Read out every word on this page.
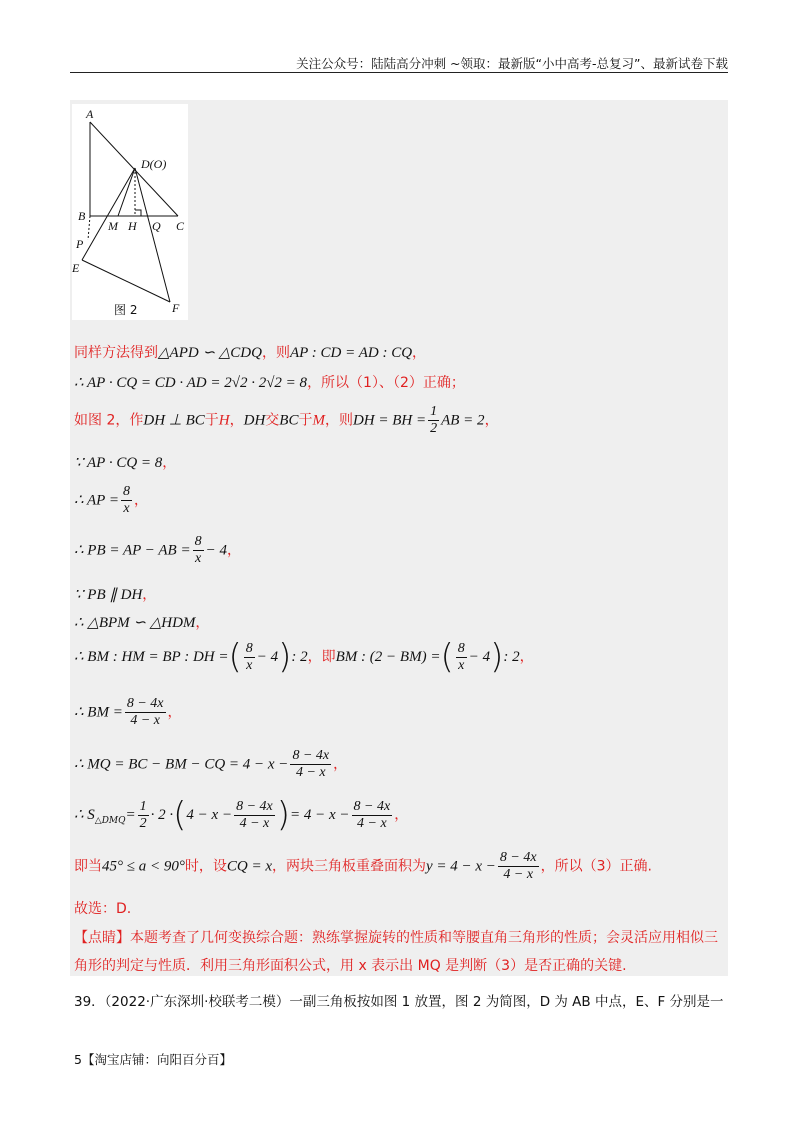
关注公众号：陆陆高分冲刺 ~领取：最新版“小中高考-总复习”、最新试卷下载
A
D(O)
B
M H Q C
P
E
F
图 2
同样方法得到△APD ∽ △CDQ，则AP : CD = AD : CQ，
∴ AP · CQ = CD · AD = 2√2 · 2√2 = 8，所以（1）、（2）正确；
如图 2，作DH ⊥ BC于H，DH交BC于M，则DH = BH = $\frac{1}{2}$ AB = 2，
∵ AP · CQ = 8，
∴ AP = $\frac{8}{x}$ ，
∴ PB = AP − AB = $\frac{8}{x} - 4$，
∵ PB ∥ DH，
∴ △BPM ∽ △HDM，
∴ BM : HM = BP : DH =( $\frac{8}{x} - 4$): 2，即BM : (2 − BM) =( $\frac{8}{x} - 4$): 2，
∴ BM = $\frac{8 - 4x}{4 - x}$ ，
∴ MQ = BC − BM − CQ = $4 - x - \frac{8 - 4x}{4 - x}$ ，
∴ $S_{\triangle DMQ}= \frac{1}{2} \cdot 2 \cdot(4 - x - \frac{8 - 4x}{4 - x}$ )= $4 - x - \frac{8 - 4x}{4 - x}$ ，
即当45° ≤ a < 90°时，设CQ = x，两块三角板重叠面积为$y = 4 - x - \frac{8 - 4x}{4 - x}$ ，所以（3）正确.
故选：D.
【点睛】本题考查了几何变换综合题：熟练掌握旋转的性质和等腰直角三角形的性质；会灵活应用相似三角形的判定与性质．利用三角形面积公式，用 x 表示出 MQ 是判断（3）是否正确的关键.
39．（2022·广东深圳·校联考二模）一副三角板按如图 1 放置，图 2 为简图，D 为 AB 中点，E、F 分别是一
5【淘宝店铺：向阳百分百】
